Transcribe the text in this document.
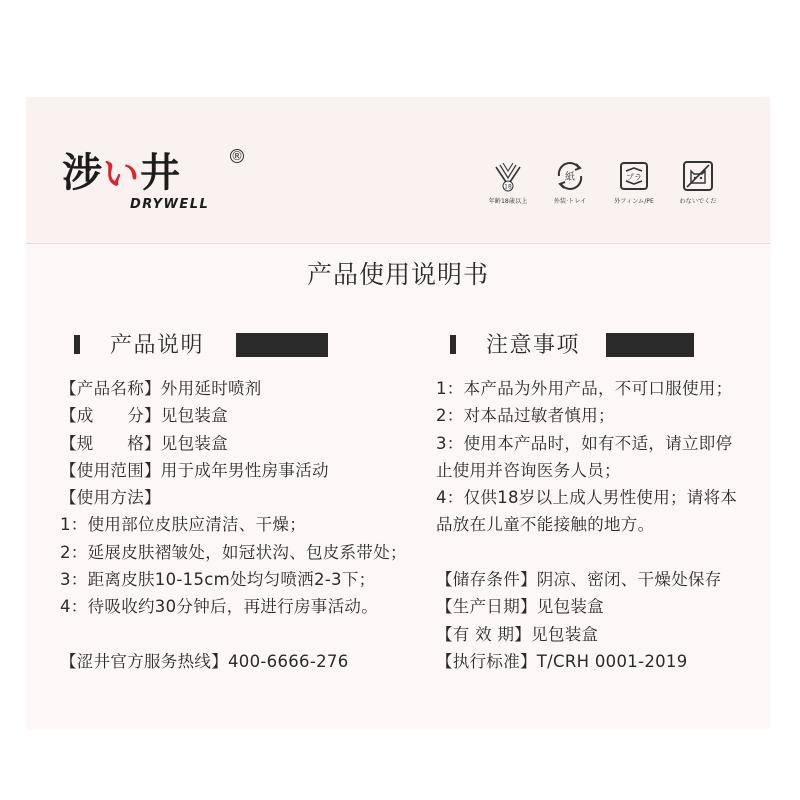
涉い井	®
DRYWELL
18
年齢18歳以上
紙
外装·トレイ
プラ
外フィンム/PE	わないでくだ
产品使用说明书
产品说明
【产品名称】外用延时喷剂
【成　　分】见包装盒
【规　　格】见包装盒
【使用范围】用于成年男性房事活动
【使用方法】
1：使用部位皮肤应清洁、干燥；
2：延展皮肤褶皱处，如冠状沟、包皮系带处；
3：距离皮肤10-15cm处均匀喷洒2-3下；
4：待吸收约30分钟后，再进行房事活动。
【涩井官方服务热线】400-6666-276
注意事项
1：本产品为外用产品，不可口服使用；
2：对本品过敏者慎用；
3：使用本产品时，如有不适，请立即停
止使用并咨询医务人员；
4：仅供18岁以上成人男性使用；请将本
品放在儿童不能接触的地方。
【储存条件】阴凉、密闭、干燥处保存
【生产日期】见包装盒
【有 效 期】见包装盒
【执行标准】T/CRH 0001-2019
